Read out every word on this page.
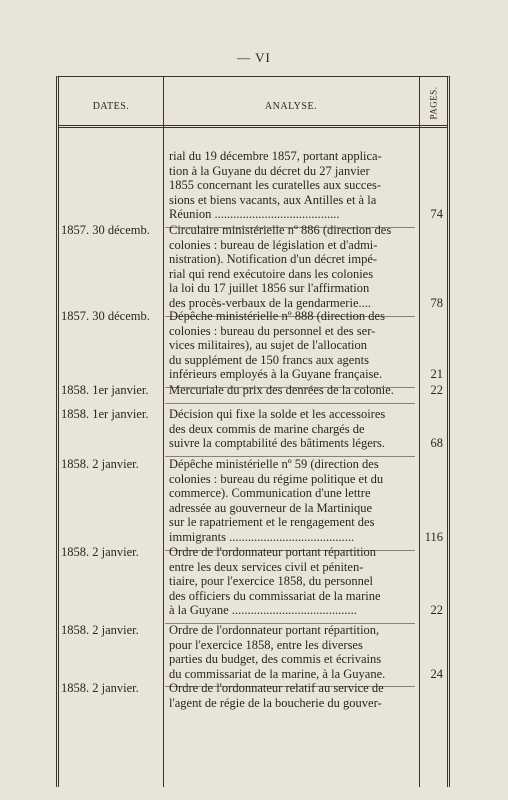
— VI
DATES.	ANALYSE.	PAGES.
rial du 19 décembre 1857, portant applica-
tion à la Guyane du décret du 27 janvier
1855 concernant les curatelles aux succes-
sions et biens vacants, aux Antilles et à la
Réunion ........................................	74
1857. 30 décemb.	Circulaire ministérielle nº 886 (direction des
colonies : bureau de législation et d'admi-
nistration). Notification d'un décret impé-
rial qui rend exécutoire dans les colonies
la loi du 17 juillet 1856 sur l'affirmation
des procès-verbaux de la gendarmerie....	78
1857. 30 décemb.	Dépêche ministérielle nº 888 (direction des
colonies : bureau du personnel et des ser-
vices militaires), au sujet de l'allocation
du supplément de 150 francs aux agents
inférieurs employés à la Guyane française.	21
1858. 1er janvier.	Mercuriale du prix des denrées de la colonie.	22
1858. 1er janvier.	Décision qui fixe la solde et les accessoires
des deux commis de marine chargés de
suivre la comptabilité des bâtiments légers.	68
1858. 2 janvier.	Dépêche ministérielle nº 59 (direction des
colonies : bureau du régime politique et du
commerce). Communication d'une lettre
adressée au gouverneur de la Martinique
sur le rapatriement et le rengagement des
immigrants ........................................	116
1858. 2 janvier.	Ordre de l'ordonnateur portant répartition
entre les deux services civil et péniten-
tiaire, pour l'exercice 1858, du personnel
des officiers du commissariat de la marine
à la Guyane ........................................	22
1858. 2 janvier.	Ordre de l'ordonnateur portant répartition,
pour l'exercice 1858, entre les diverses
parties du budget, des commis et écrivains
du commissariat de la marine, à la Guyane.	24
1858. 2 janvier.	Ordre de l'ordonnateur relatif au service de
l'agent de régie de la boucherie du gouver-
